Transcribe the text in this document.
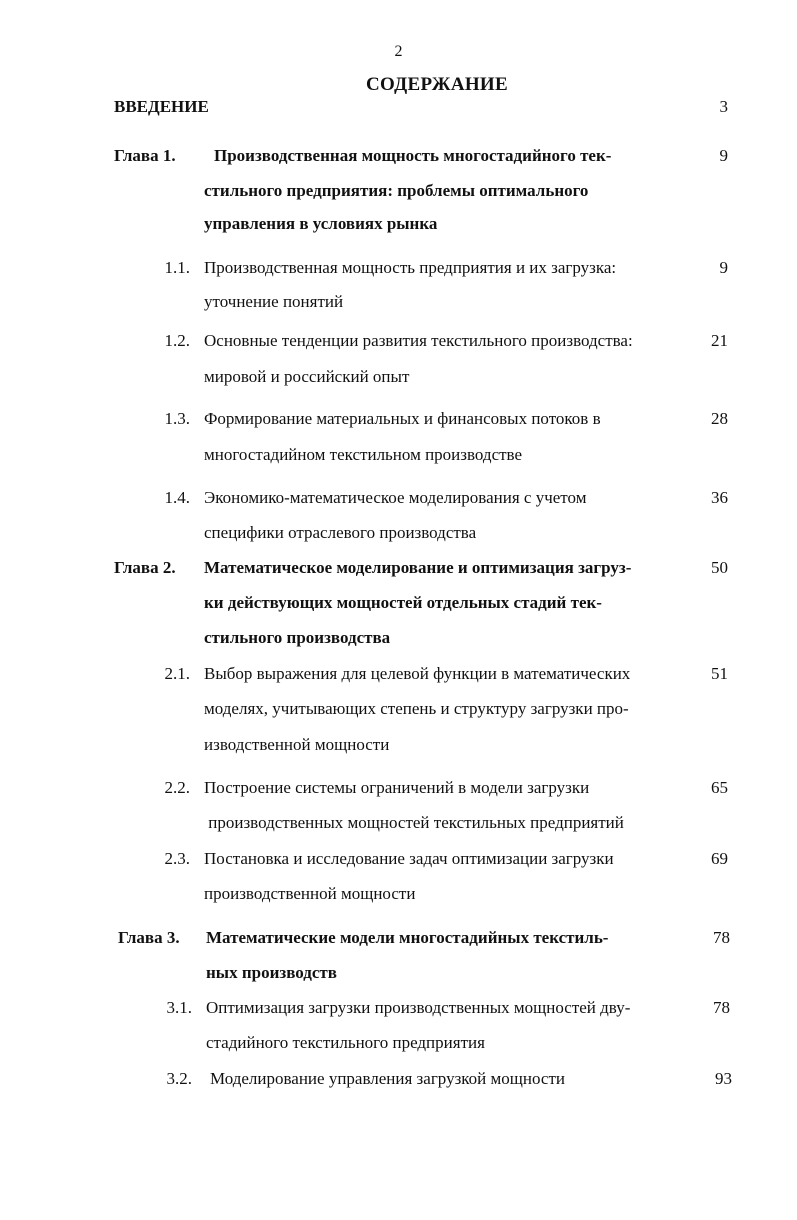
2
СОДЕРЖАНИЕ
ВВЕДЕНИЕ	3
Глава 1. Производственная мощность многостадийного тек-
стильного предприятия: проблемы оптимального
управления в условиях рынка
9
1.1. Производственная мощность предприятия и их загрузка:
уточнение понятий
9
1.2. Основные тенденции развития текстильного производства:
мировой и российский опыт
21
1.3. Формирование материальных и финансовых потоков в
многостадийном текстильном производстве
28
1.4. Экономико-математическое моделирования с учетом
специфики отраслевого производства
36
Глава 2. Математическое моделирование и оптимизация загруз-
ки действующих мощностей отдельных стадий тек-
стильного производства
50
2.1. Выбор выражения для целевой функции в математических
моделях, учитывающих степень и структуру загрузки про-
изводственной мощности
51
2.2. Построение системы ограничений в модели загрузки
производственных мощностей текстильных предприятий
65
2.3. Постановка и исследование задач оптимизации загрузки
производственной мощности
69
Глава 3. Математические модели многостадийных текстиль-
ных производств
78
3.1. Оптимизация загрузки производственных мощностей дву-
стадийного текстильного предприятия
78
3.2. Моделирование управления загрузкой мощности	93
